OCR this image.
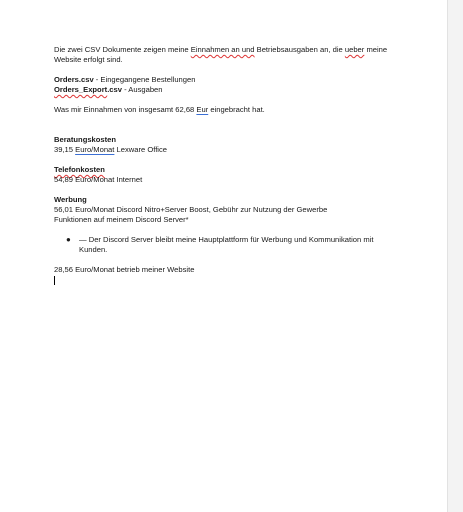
Die zwei CSV Dokumente zeigen meine Einnahmen an und Betriebsausgaben an, die ueber meine Website erfolgt sind.

Orders.csv - Eingegangene Bestellungen

Orders_Export.csv - Ausgaben

Was mir Einnahmen von insgesamt 62,68 Eur eingebracht hat.

Beratungskosten

39,15 Euro/Monat Lexware Office

Telefonkosten

54,89 Euro/Monat Internet

Werbung

56,01 Euro/Monat Discord Nitro+Server Boost, Gebühr zur Nutzung der Gewerbe Funktionen auf meinem Discord Server*

●	— Der Discord Server bleibt meine Hauptplattform für Werbung und Kommunikation mit Kunden.

28,56 Euro/Monat betrieb meiner Website
